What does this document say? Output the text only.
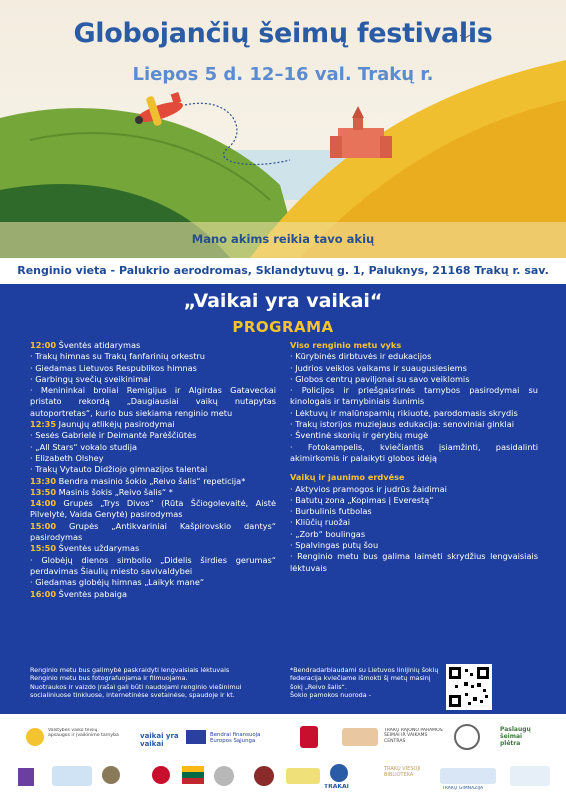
Globojančių šeimų festivalis
Liepos 5 d. 12–16 val. Trakų r.
Mano akims reikia tavo akių
Renginio vieta - Palukrio aerodromas, Sklandytuvų g. 1, Paluknys, 21168 Trakų r. sav.
„Vaikai yra vaikai“
PROGRAMA
12:00 Šventės atidarymas
· Trakų himnas su Trakų fanfarinių orkestru
· Giedamas Lietuvos Respublikos himnas
· Garbingų svečių sveikinimai
· Menininkai broliai Remigijus ir Algirdas Gataveckai pristato rekordą „Daugiausiai vaikų nutapytas autoportretas“, kurio bus siekiama renginio metu
12:35 Jaunųjų atlikėjų pasirodymai
· Sesės Gabrielė ir Deimantė Parėščiūtės
· „All Stars“ vokalo studija
· Elizabeth Olshey
· Trakų Vytauto Didžiojo gimnazijos talentai
13:30 Bendra masinio šokio „Reivo šalis“ repeticija*
13:50 Masinis šokis „Reivo šalis“ *
14:00 Grupės „Trys Divos“ (Rūta Ščiogolevaitė, Aistė Pilvelytė, Vaida Genytė) pasirodymas
15:00 Grupės „Antikvariniai Kašpirovskio dantys“ pasirodymas
15:50 Šventės uždarymas
· Globėjų dienos simbolio „Didelis širdies gerumas“ perdavimas Šiaulių miesto savivaldybei
· Giedamas globėjų himnas „Laikyk mane“
16:00 Šventės pabaiga
Viso renginio metu vyks
· Kūrybinės dirbtuvės ir edukacijos
· Judrios veiklos vaikams ir suaugusiesiems
· Globos centrų paviljonai su savo veiklomis
· Policijos ir priešgaisrinės tarnybos pasirodymai su kinologais ir tarnybiniais šunimis
· Lėktuvų ir malūnsparnių rikiuotė, parodomasis skrydis
· Trakų istorijos muziejaus edukacija: senoviniai ginklai
· Šventinė skonių ir gėrybių mugė
· Fotokampelis, kviečiantis įsiamžinti, pasidalinti akimirkomis ir palaikyti globos idėją
Vaikų ir jaunimo erdvėse
· Aktyvios pramogos ir judrūs žaidimai
· Batutų zona „Kopimas į Everestą“
· Burbulinis futbolas
· Kliūčių ruožai
· „Zorb“ boulingas
· Spalvingas putų šou
· Renginio metu bus galima laimėti skrydžius lengvaisiais lėktuvais
Renginio metu bus galimybė paskraidyti lengvaisiais lėktuvais
Renginio metu bus fotografuojama ir filmuojama.
Nuotraukos ir vaizdo įrašai gali būti naudojami renginio viešinimui socialiniuose tinkluose, internetinėse svetainėse, spaudoje ir kt.
*Bendradarbiaudami su Lietuvos linijinių šokių federacija kviečiame išmokti šį metų masinį šokį „Reivo šalis“.
Šokio pamokos nuoroda -
Valstybės vaiko teisių apsaugos ir įvaikinimo tarnyba	vaikai yra vaikai
Bendrai finansuoja Europos Sąjunga
TRAKŲ RAJONO PARAMOS ŠEIMAI IR VAIKAMS CENTRAS
Paslaugų šeimai plėtra
TRAKAI
TRAKŲ VIEŠOJI BIBLIOTEKA
TRAKŲ GIMNAZIJA
